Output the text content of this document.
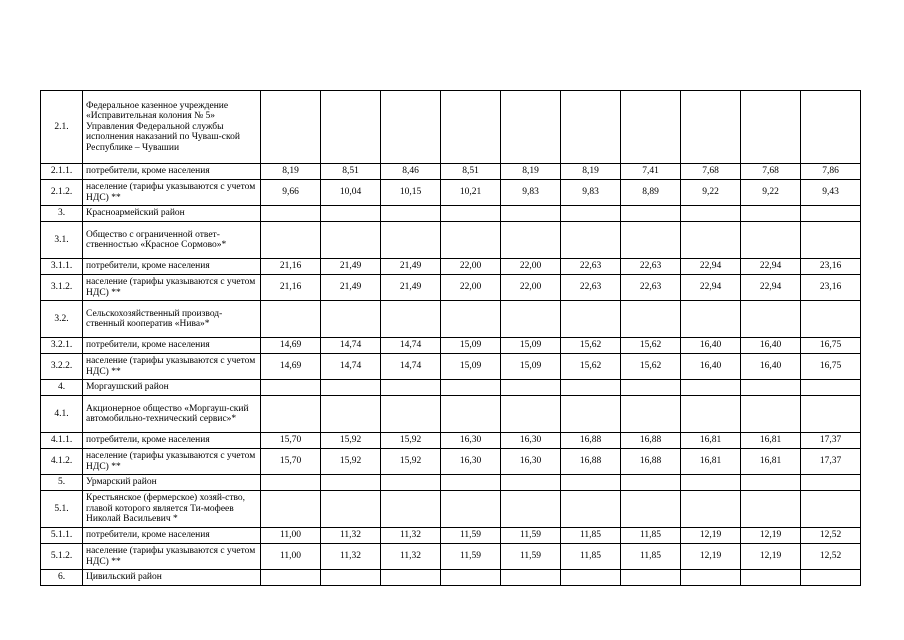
2.1.	Федеральное казенное учреждение «Исправительная колония № 5» Управления Федеральной службы исполнения наказаний по Чуваш-ской Республике – Чувашии										
2.1.1.	потребители, кроме населения	8,19	8,51	8,46	8,51	8,19	8,19	7,41	7,68	7,68	7,86
2.1.2.	население (тарифы указываются с учетом НДС) **	9,66	10,04	10,15	10,21	9,83	9,83	8,89	9,22	9,22	9,43
3.	Красноармейский район										
3.1.	Общество с ограниченной ответ-ственностью «Красное Сормово»*										
3.1.1.	потребители, кроме населения	21,16	21,49	21,49	22,00	22,00	22,63	22,63	22,94	22,94	23,16
3.1.2.	население (тарифы указываются с учетом НДС) **	21,16	21,49	21,49	22,00	22,00	22,63	22,63	22,94	22,94	23,16
3.2.	Сельскохозяйственный производ-ственный кооператив «Нива»*										
3.2.1.	потребители, кроме населения	14,69	14,74	14,74	15,09	15,09	15,62	15,62	16,40	16,40	16,75
3.2.2.	население (тарифы указываются с учетом НДС) **	14,69	14,74	14,74	15,09	15,09	15,62	15,62	16,40	16,40	16,75
4.	Моргаушский район										
4.1.	Акционерное общество «Моргауш-ский автомобильно-технический сервис»*										
4.1.1.	потребители, кроме населения	15,70	15,92	15,92	16,30	16,30	16,88	16,88	16,81	16,81	17,37
4.1.2.	население (тарифы указываются с учетом НДС) **	15,70	15,92	15,92	16,30	16,30	16,88	16,88	16,81	16,81	17,37
5.	Урмарский район										
5.1.	Крестьянское (фермерское) хозяй-ство, главой которого является Ти-мофеев Николай Васильевич *										
5.1.1.	потребители, кроме населения	11,00	11,32	11,32	11,59	11,59	11,85	11,85	12,19	12,19	12,52
5.1.2.	население (тарифы указываются с учетом НДС) **	11,00	11,32	11,32	11,59	11,59	11,85	11,85	12,19	12,19	12,52
6.	Цивильский район										
